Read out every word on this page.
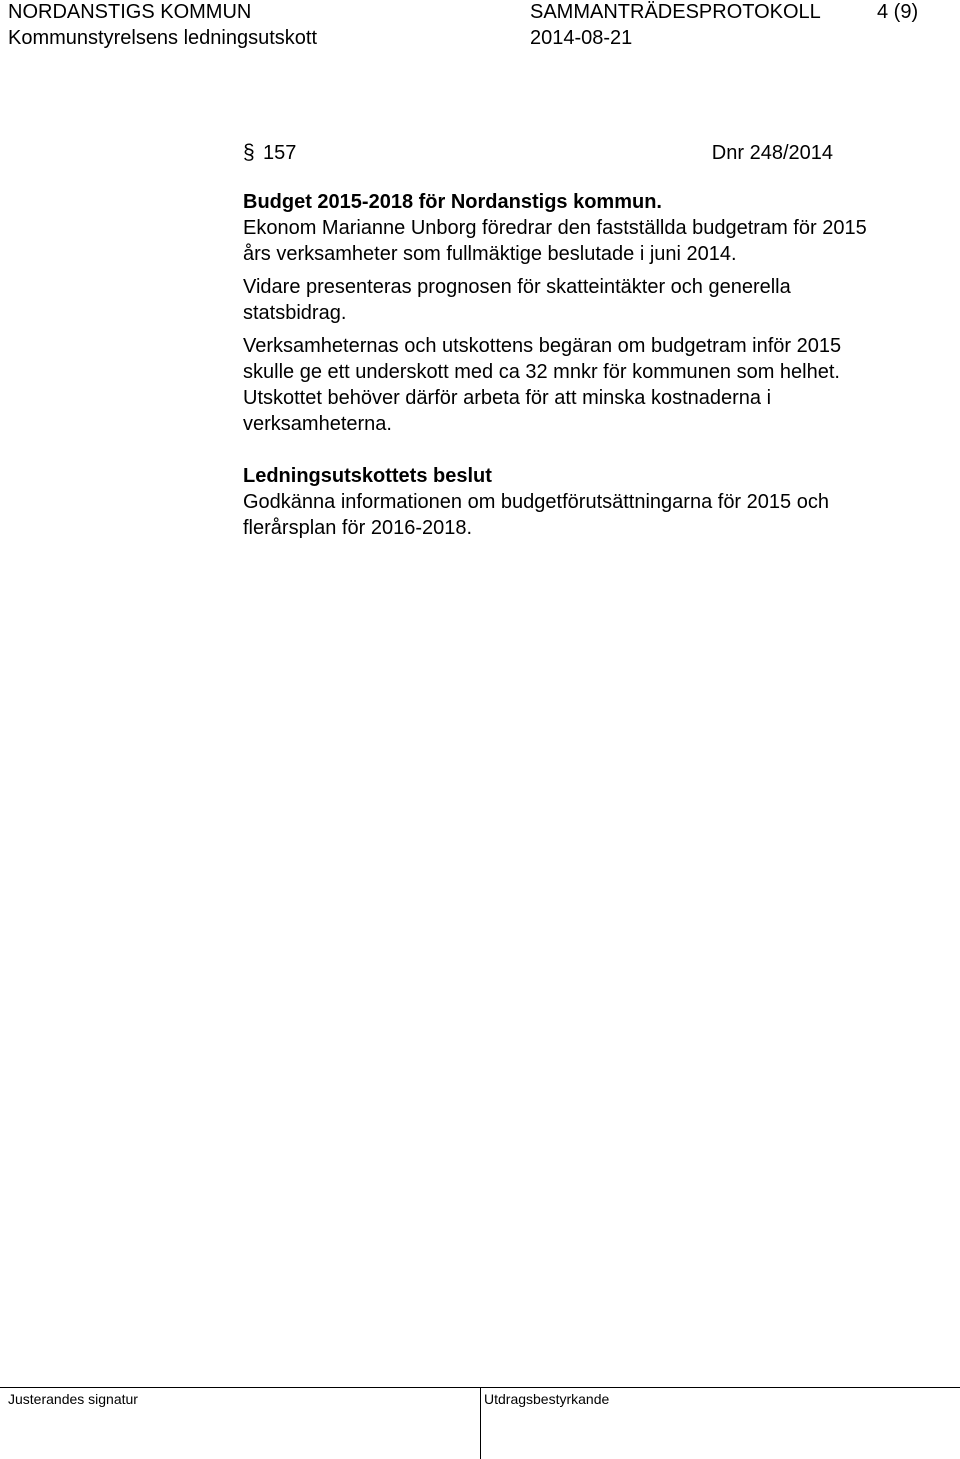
NORDANSTIGS KOMMUN
Kommunstyrelsens ledningsutskott
SAMMANTRÄDESPROTOKOLL	4 (9)
2014-08-21
§ 157	Dnr 248/2014

Budget 2015-2018 för Nordanstigs kommun.

Ekonom Marianne Unborg föredrar den fastställda budgetram för 2015

års verksamheter som fullmäktige beslutade i juni 2014.

Vidare presenteras prognosen för skatteintäkter och generella

statsbidrag.

Verksamheternas och utskottens begäran om budgetram inför 2015

skulle ge ett underskott med ca 32 mnkr för kommunen som helhet.

Utskottet behöver därför arbeta för att minska kostnaderna i

verksamheterna.

Ledningsutskottets beslut

Godkänna informationen om budgetförutsättningarna för 2015 och

flerårsplan för 2016-2018.

Justerandes signatur	Utdragsbestyrkande
